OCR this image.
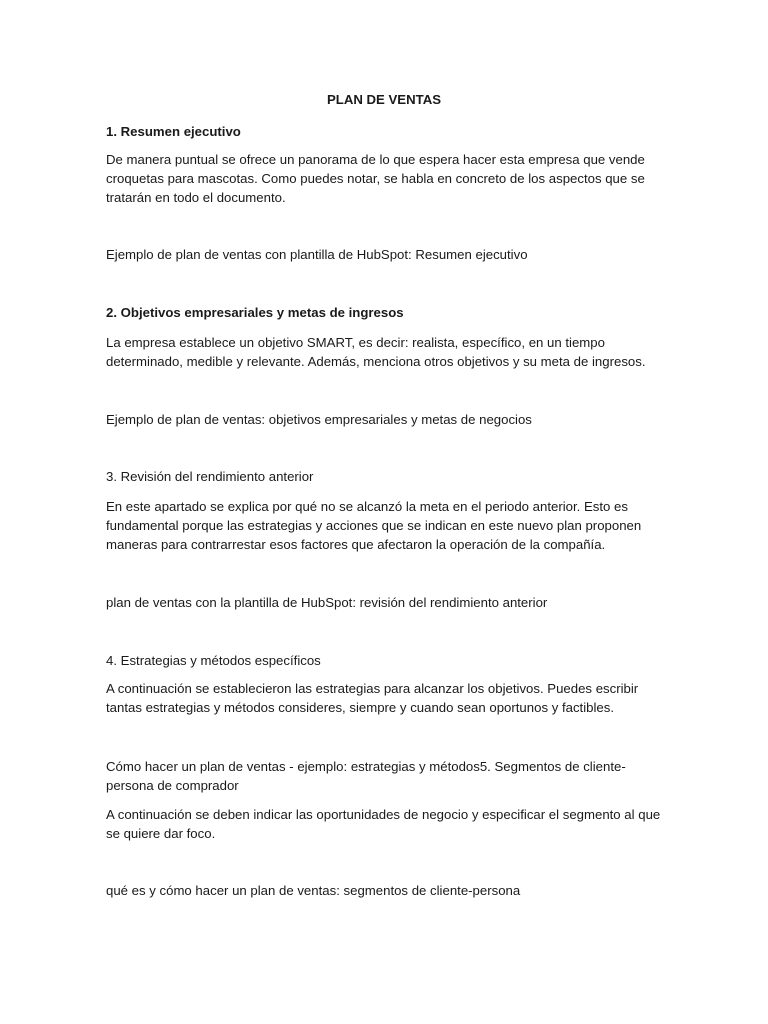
PLAN DE VENTAS

1. Resumen ejecutivo

De manera puntual se ofrece un panorama de lo que espera hacer esta empresa que vende croquetas para mascotas. Como puedes notar, se habla en concreto de los aspectos que se tratarán en todo el documento.

Ejemplo de plan de ventas con plantilla de HubSpot: Resumen ejecutivo

2. Objetivos empresariales y metas de ingresos

La empresa establece un objetivo SMART, es decir: realista, específico, en un tiempo determinado, medible y relevante. Además, menciona otros objetivos y su meta de ingresos.

Ejemplo de plan de ventas: objetivos empresariales y metas de negocios

3. Revisión del rendimiento anterior

En este apartado se explica por qué no se alcanzó la meta en el periodo anterior. Esto es fundamental porque las estrategias y acciones que se indican en este nuevo plan proponen maneras para contrarrestar esos factores que afectaron la operación de la compañía.

plan de ventas con la plantilla de HubSpot: revisión del rendimiento anterior

4. Estrategias y métodos específicos

A continuación se establecieron las estrategias para alcanzar los objetivos. Puedes escribir tantas estrategias y métodos consideres, siempre y cuando sean oportunos y factibles.

Cómo hacer un plan de ventas - ejemplo: estrategias y métodos5. Segmentos de cliente-persona de comprador

A continuación se deben indicar las oportunidades de negocio y especificar el segmento al que se quiere dar foco.

qué es y cómo hacer un plan de ventas: segmentos de cliente-persona
